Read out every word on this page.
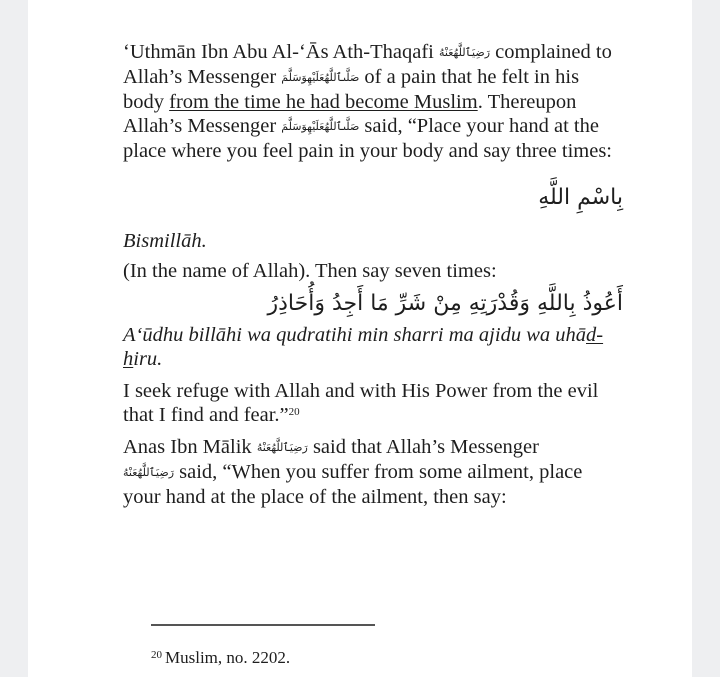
‘Uthmān Ibn Abu Al-‘Ās Ath-Thaqafi رَضِيَٱللَّهُعَنْهُ complained to Allah’s Messenger صَلَّىٱللَّهُعَلَيْهِوَسَلَّمَ of a pain that he felt in his body from the time he had become Muslim. Thereupon Allah’s Messenger صَلَّىٱللَّهُعَلَيْهِوَسَلَّمَ said, “Place your hand at the place where you feel pain in your body and say three times:

بِاسْمِ اللَّهِ

Bismillāh.

(In the name of Allah). Then say seven times:

أَعُوذُ بِاللَّهِ وَقُدْرَتِهِ مِنْ شَرِّ مَا أَجِدُ وَأُحَاذِرُ

A‘ūdhu billāhi wa qudratihi min sharri ma ajidu wa uhād-
hiru.

I seek refuge with Allah and with His Power from the evil that I find and fear.”$^{20}$

Anas Ibn Mālik رَضِيَٱللَّهُعَنْهُ said that Allah’s Messenger
رَضِيَٱللَّهُعَنْهُ said, “When you suffer from some ailment, place your hand at the place of the ailment, then say:

$^{20}$ Muslim, no. 2202.
